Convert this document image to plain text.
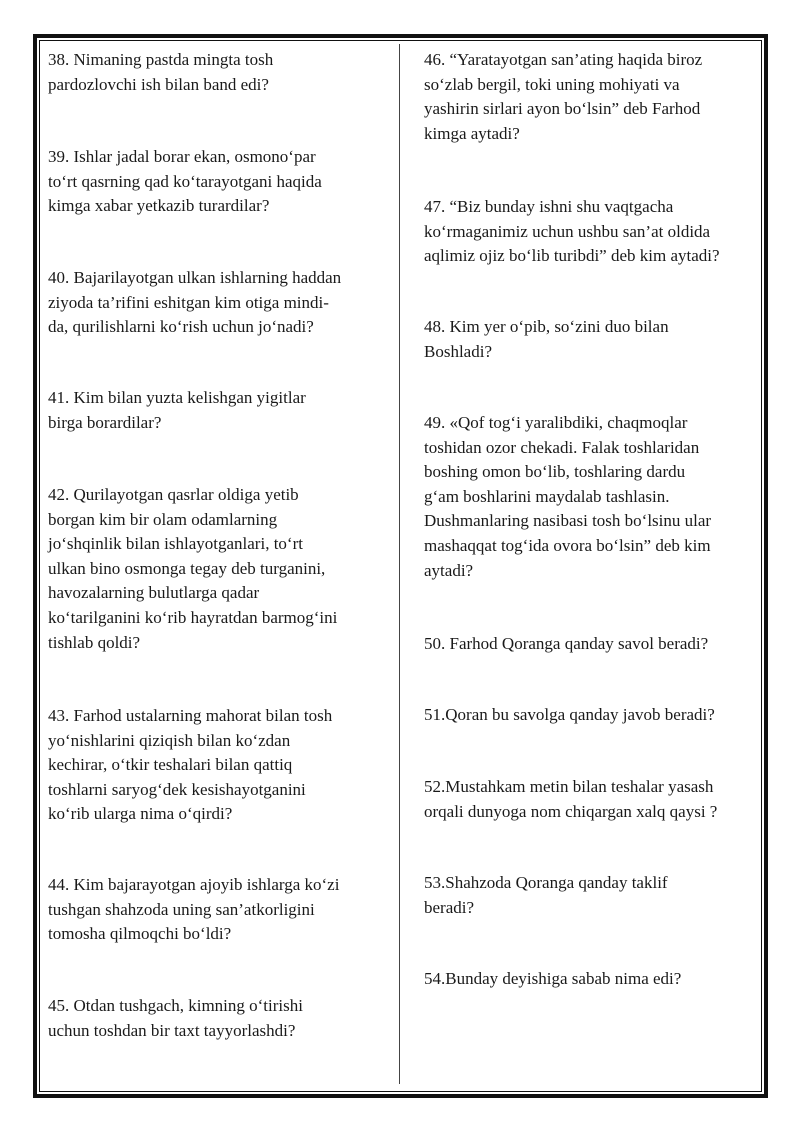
38. Nimaning pastda mingta tosh
pardozlovchi ish bilan band edi?

39. Ishlar jadal borar ekan, osmono‘par
to‘rt qasrning qad ko‘tarayotgani haqida
kimga xabar yetkazib turardilar?

40. Bajarilayotgan ulkan ishlarning haddan
ziyoda ta’rifini eshitgan kim otiga mindi-
da, qurilishlarni ko‘rish uchun jo‘nadi?

41. Kim bilan yuzta kelishgan yigitlar
birga borardilar?

42. Qurilayotgan qasrlar oldiga yetib
borgan kim bir olam odamlarning
jo‘shqinlik bilan ishlayotganlari, to‘rt
ulkan bino osmonga tegay deb turganini,
havozalarning bulutlarga qadar
ko‘tarilganini ko‘rib hayratdan barmog‘ini
tishlab qoldi?

43. Farhod ustalarning mahorat bilan tosh
yo‘nishlarini qiziqish bilan ko‘zdan
kechirar, o‘tkir teshalari bilan qattiq
toshlarni saryog‘dek kesishayotganini
ko‘rib ularga nima o‘qirdi?

44. Kim bajarayotgan ajoyib ishlarga ko‘zi
tushgan shahzoda uning san’atkorligini
tomosha qilmoqchi bo‘ldi?

45. Otdan tushgach, kimning o‘tirishi
uchun toshdan bir taxt tayyorlashdi?

46. “Yaratayotgan san’ating haqida biroz
so‘zlab bergil, toki uning mohiyati va
yashirin sirlari ayon bo‘lsin” deb Farhod
kimga aytadi?

47. “Biz bunday ishni shu vaqtgacha
ko‘rmaganimiz uchun ushbu san’at oldida
aqlimiz ojiz bo‘lib turibdi” deb kim aytadi?

48. Kim yer o‘pib, so‘zini duo bilan
Boshladi?

49. «Qof tog‘i yaralibdiki, chaqmoqlar
toshidan ozor chekadi. Falak toshlaridan
boshing omon bo‘lib, toshlaring dardu
g‘am boshlarini maydalab tashlasin.
Dushmanlaring nasibasi tosh bo‘lsinu ular
mashaqqat tog‘ida ovora bo‘lsin” deb kim
aytadi?

50. Farhod Qoranga qanday savol beradi?

51.Qoran bu savolga qanday javob beradi?

52.Mustahkam metin bilan teshalar yasash
orqali dunyoga nom chiqargan xalq qaysi ?

53.Shahzoda Qoranga qanday taklif
beradi?

54.Bunday deyishiga sabab nima edi?
